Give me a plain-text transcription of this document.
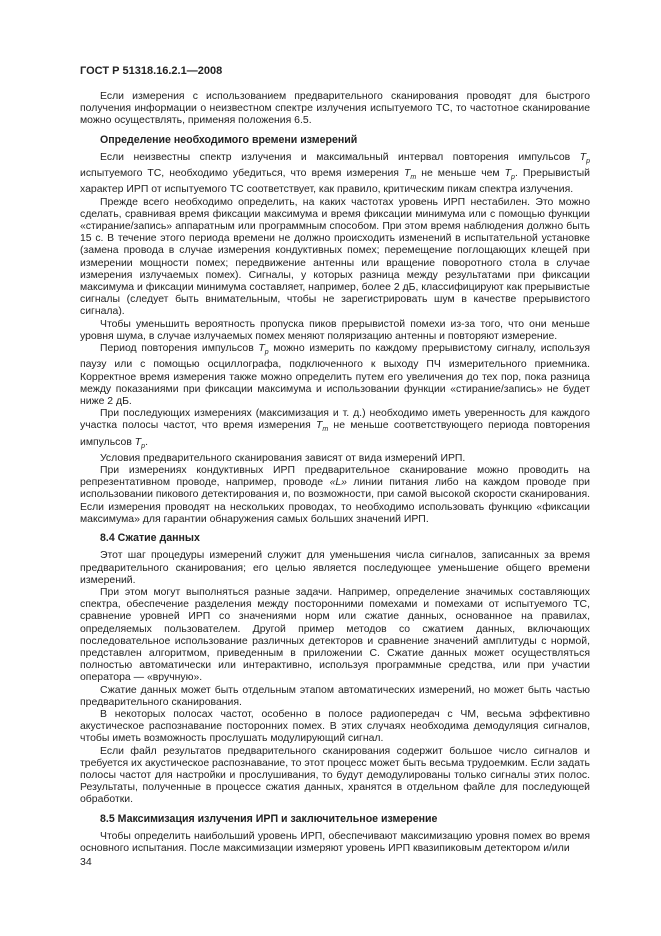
ГОСТ Р 51318.16.2.1—2008

Если измерения с использованием предварительного сканирования проводят для быстрого получения информации о неизвестном спектре излучения испытуемого ТС, то частотное сканирование можно осуществлять, применяя положения 6.5.

Определение необходимого времени измерений

Если неизвестны спектр излучения и максимальный интервал повторения импульсов $T_p$ испытуемого ТС, необходимо убедиться, что время измерения $T_m$ не меньше чем $T_p$. Прерывистый характер ИРП от испытуемого ТС соответствует, как правило, критическим пикам спектра излучения.

Прежде всего необходимо определить, на каких частотах уровень ИРП нестабилен. Это можно сделать, сравнивая время фиксации максимума и время фиксации минимума или с помощью функции «стирание/запись» аппаратным или программным способом. При этом время наблюдения должно быть 15 с. В течение этого периода времени не должно происходить изменений в испытательной установке (замена провода в случае измерения кондуктивных помех; перемещение поглощающих клещей при измерении мощности помех; передвижение антенны или вращение поворотного стола в случае измерения излучаемых помех). Сигналы, у которых разница между результатами при фиксации максимума и фиксации минимума составляет, например, более 2 дБ, классифицируют как прерывистые сигналы (следует быть внимательным, чтобы не зарегистрировать шум в качестве прерывистого сигнала).

Чтобы уменьшить вероятность пропуска пиков прерывистой помехи из-за того, что они меньше уровня шума, в случае излучаемых помех меняют поляризацию антенны и повторяют измерение.

Период повторения импульсов $T_p$ можно измерить по каждому прерывистому сигналу, используя паузу или с помощью осциллографа, подключенного к выходу ПЧ измерительного приемника. Корректное время измерения также можно определить путем его увеличения до тех пор, пока разница между показаниями при фиксации максимума и использовании функции «стирание/запись» не будет ниже 2 дБ.

При последующих измерениях (максимизация и т. д.) необходимо иметь уверенность для каждого участка полосы частот, что время измерения $T_m$ не меньше соответствующего периода повторения импульсов $T_p$.

Условия предварительного сканирования зависят от вида измерений ИРП.

При измерениях кондуктивных ИРП предварительное сканирование можно проводить на репрезентативном проводе, например, проводе «L» линии питания либо на каждом проводе при использовании пикового детектирования и, по возможности, при самой высокой скорости сканирования. Если измерения проводят на нескольких проводах, то необходимо использовать функцию «фиксации максимума» для гарантии обнаружения самых больших значений ИРП.

8.4 Сжатие данных

Этот шаг процедуры измерений служит для уменьшения числа сигналов, записанных за время предварительного сканирования; его целью является последующее уменьшение общего времени измерений.

При этом могут выполняться разные задачи. Например, определение значимых составляющих спектра, обеспечение разделения между посторонними помехами и помехами от испытуемого ТС, сравнение уровней ИРП со значениями норм или сжатие данных, основанное на правилах, определяемых пользователем. Другой пример методов со сжатием данных, включающих последовательное использование различных детекторов и сравнение значений амплитуды с нормой, представлен алгоритмом, приведенным в приложении С. Сжатие данных может осуществляться полностью автоматически или интерактивно, используя программные средства, или при участии оператора — «вручную».

Сжатие данных может быть отдельным этапом автоматических измерений, но может быть частью предварительного сканирования.

В некоторых полосах частот, особенно в полосе радиопередач с ЧМ, весьма эффективно акустическое распознавание посторонних помех. В этих случаях необходима демодуляция сигналов, чтобы иметь возможность прослушать модулирующий сигнал.

Если файл результатов предварительного сканирования содержит большое число сигналов и требуется их акустическое распознавание, то этот процесс может быть весьма трудоемким. Если задать полосы частот для настройки и прослушивания, то будут демодулированы только сигналы этих полос. Результаты, полученные в процессе сжатия данных, хранятся в отдельном файле для последующей обработки.

8.5 Максимизация излучения ИРП и заключительное измерение

Чтобы определить наибольший уровень ИРП, обеспечивают максимизацию уровня помех во время основного испытания. После максимизации измеряют уровень ИРП квазипиковым детектором и/или

34
